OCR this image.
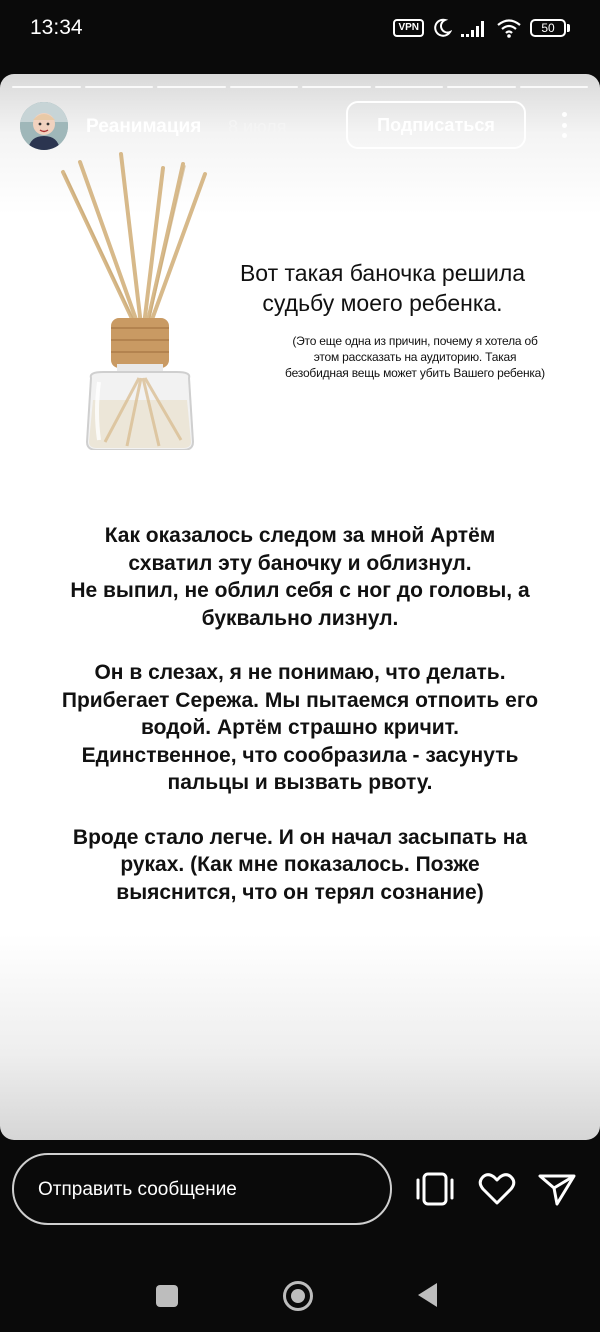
13:34	VPN	50
Реанимация 8 июля	Подписаться
Вот такая баночка решила
судьбу моего ребенка.
(Это еще одна из причин, почему я хотела об
этом рассказать на аудиторию. Такая
безобидная вещь может убить Вашего ребенка)

Как оказалось следом за мной Артём
схватил эту баночку и облизнул.
Не выпил, не облил себя с ног до головы, а
буквально лизнул.

Он в слезах, я не понимаю, что делать.
Прибегает Сережа. Мы пытаемся отпоить его
водой. Артём страшно кричит.
Единственное, что сообразила - засунуть
пальцы и вызвать рвоту.

Вроде стало легче. И он начал засыпать на
руках. (Как мне показалось. Позже
выяснится, что он терял сознание)

Отправить сообщение
